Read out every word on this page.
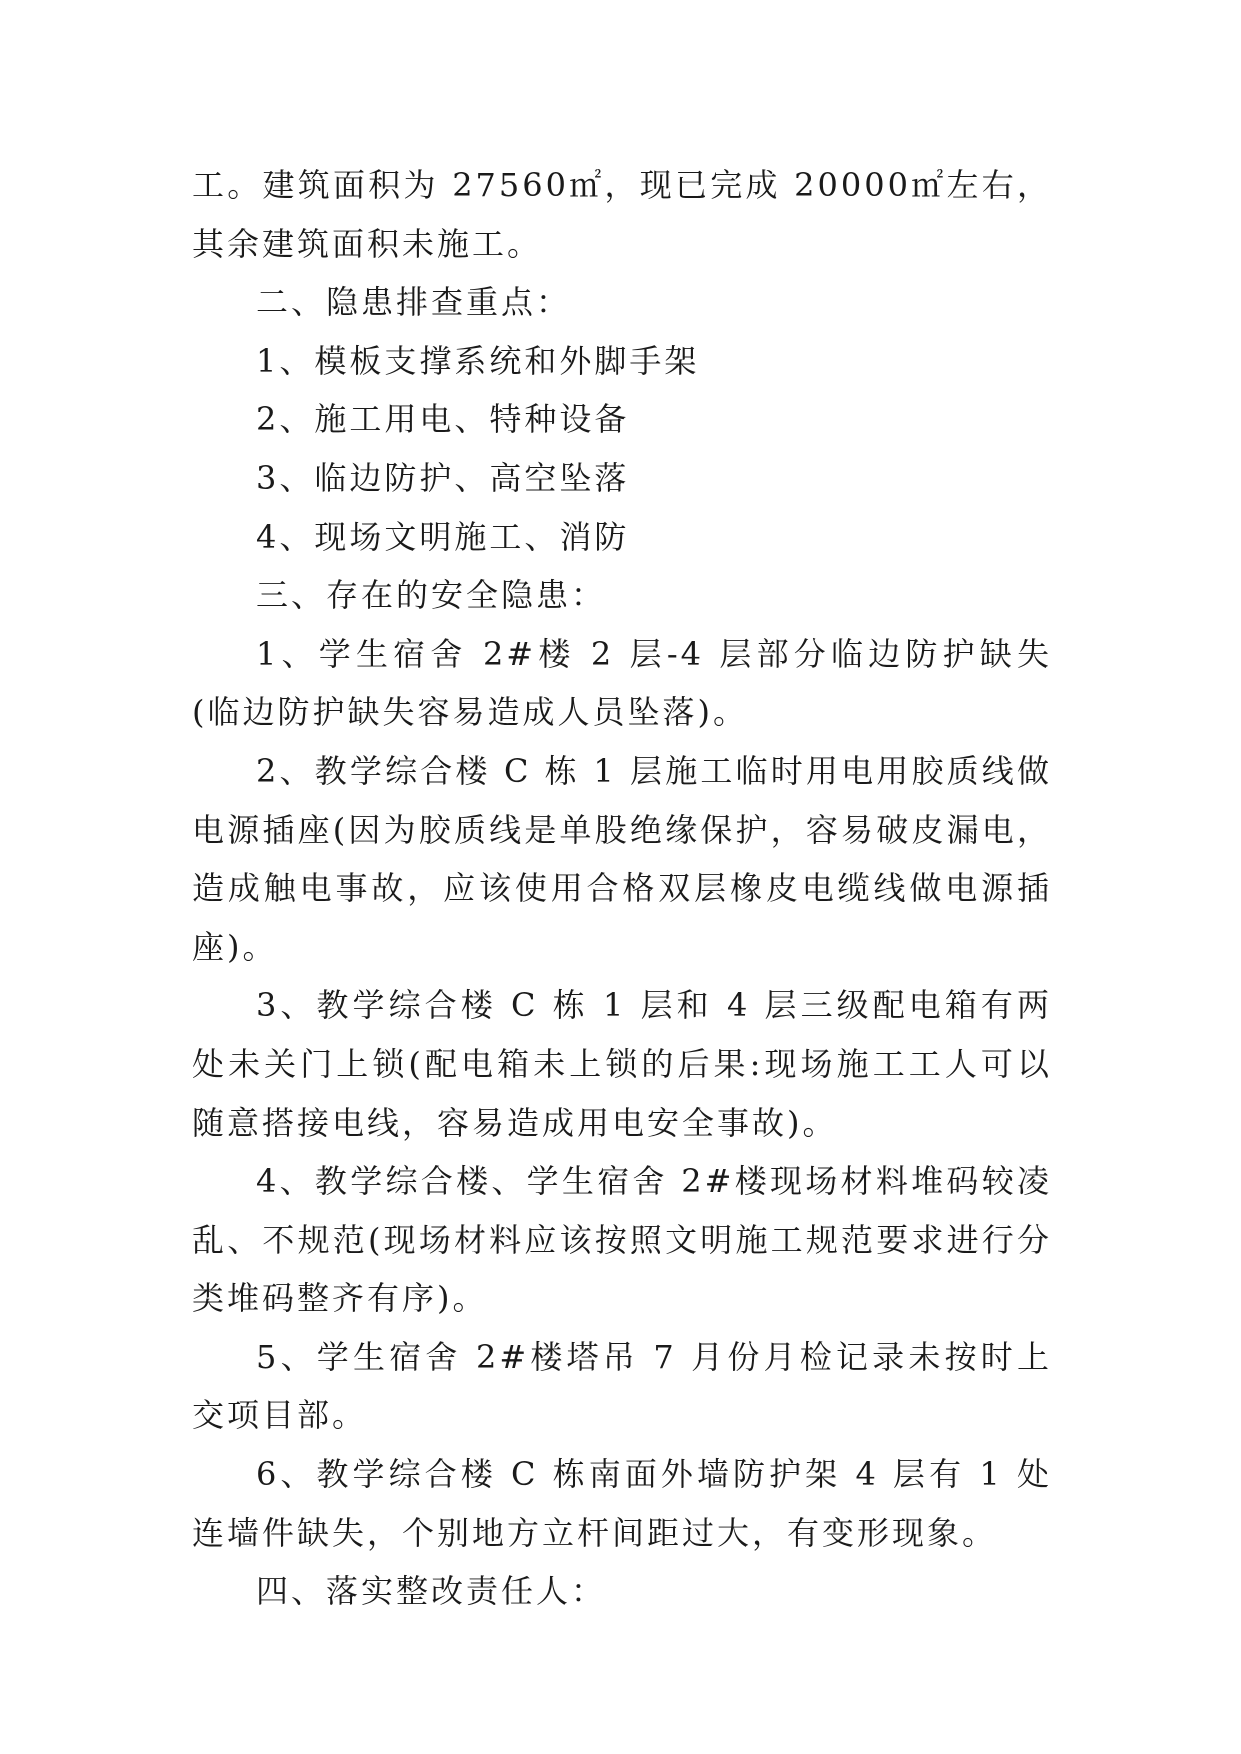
工。建筑面积为 27560㎡，现已完成 20000㎡左右，其余建筑面积未施工。

二、隐患排查重点：

1、模板支撑系统和外脚手架

2、施工用电、特种设备

3、临边防护、高空坠落

4、现场文明施工、消防

三、存在的安全隐患：

1、学生宿舍 2#楼 2 层-4 层部分临边防护缺失(临边防护缺失容易造成人员坠落)。

2、教学综合楼 C 栋 1 层施工临时用电用胶质线做电源插座(因为胶质线是单股绝缘保护，容易破皮漏电，造成触电事故，应该使用合格双层橡皮电缆线做电源插座)。

3、教学综合楼 C 栋 1 层和 4 层三级配电箱有两处未关门上锁(配电箱未上锁的后果:现场施工工人可以随意搭接电线，容易造成用电安全事故)。

4、教学综合楼、学生宿舍 2#楼现场材料堆码较凌乱、不规范(现场材料应该按照文明施工规范要求进行分类堆码整齐有序)。

5、学生宿舍 2#楼塔吊 7 月份月检记录未按时上交项目部。

6、教学综合楼 C 栋南面外墙防护架 4 层有 1 处连墙件缺失，个别地方立杆间距过大，有变形现象。

四、落实整改责任人：
